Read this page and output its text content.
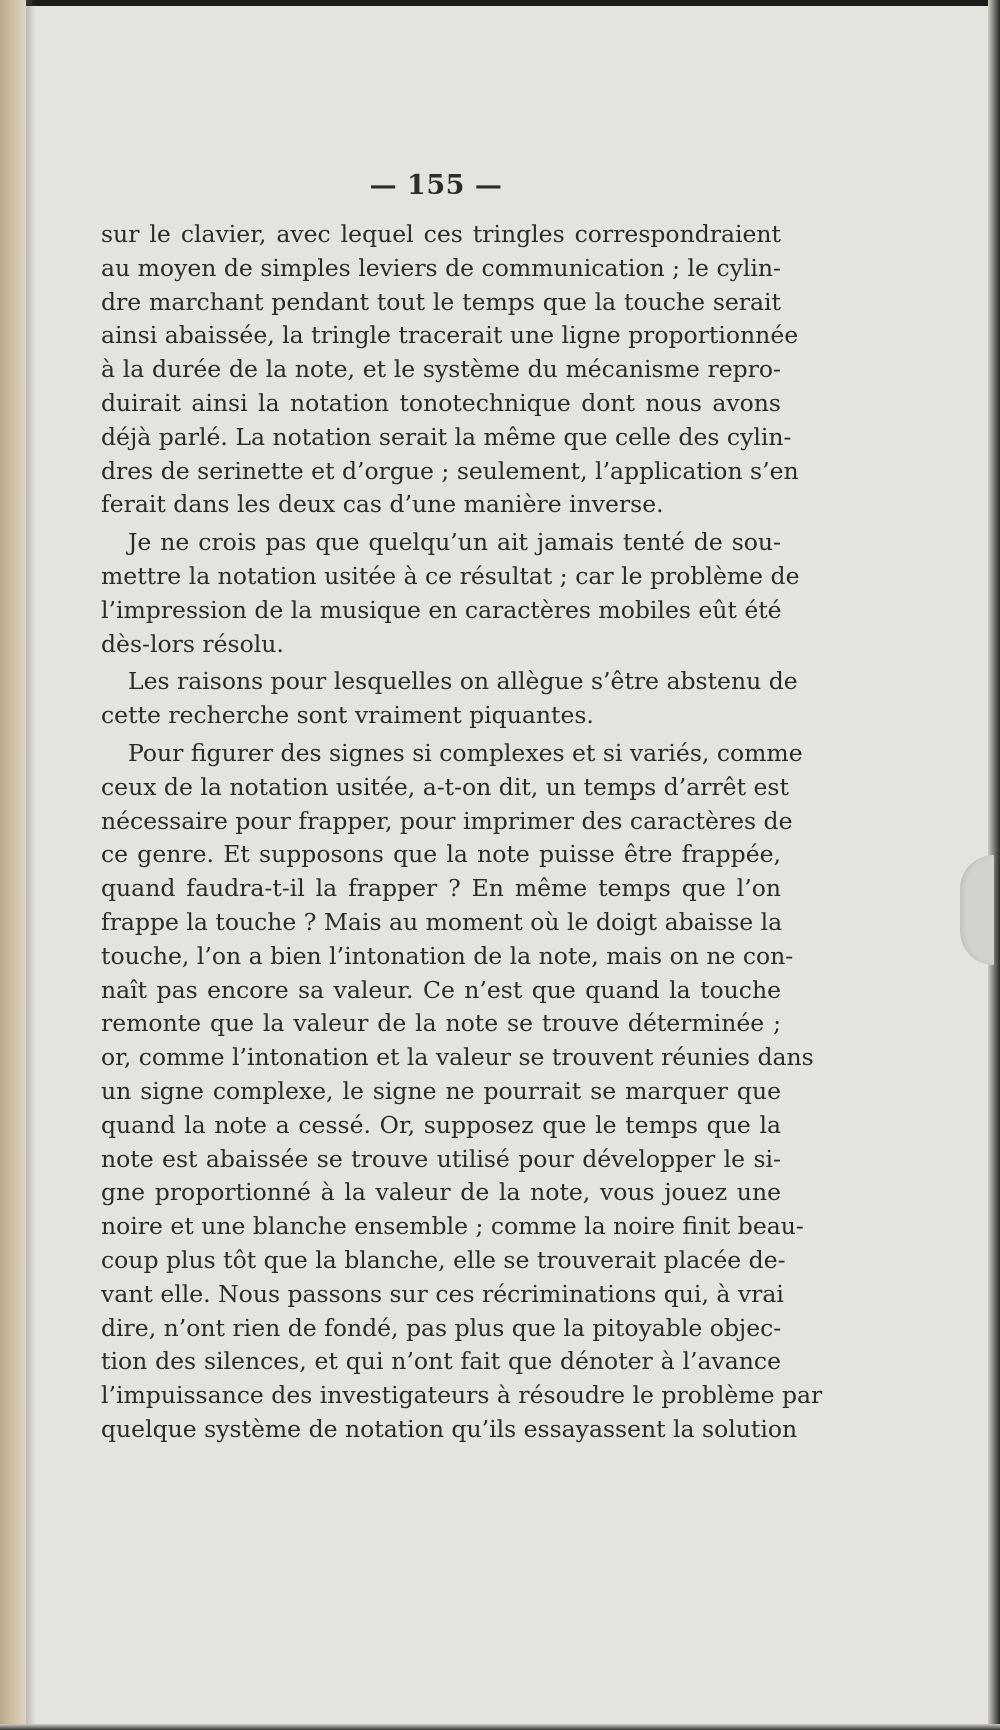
— 155 —
sur le clavier, avec lequel ces tringles correspondraient
au moyen de simples leviers de communication ; le cylin-
dre marchant pendant tout le temps que la touche serait
ainsi abaissée, la tringle tracerait une ligne proportionnée
à la durée de la note, et le système du mécanisme repro-
duirait ainsi la notation tonotechnique dont nous avons
déjà parlé. La notation serait la même que celle des cylin-
dres de serinette et d’orgue ; seulement, l’application s’en
ferait dans les deux cas d’une manière inverse.
Je ne crois pas que quelqu’un ait jamais tenté de sou-
mettre la notation usitée à ce résultat ; car le problème de
l’impression de la musique en caractères mobiles eût été
dès-lors résolu.
Les raisons pour lesquelles on allègue s’être abstenu de
cette recherche sont vraiment piquantes.
Pour figurer des signes si complexes et si variés, comme
ceux de la notation usitée, a-t-on dit, un temps d’arrêt est
nécessaire pour frapper, pour imprimer des caractères de
ce genre. Et supposons que la note puisse être frappée,
quand faudra-t-il la frapper ? En même temps que l’on
frappe la touche ? Mais au moment où le doigt abaisse la
touche, l’on a bien l’intonation de la note, mais on ne con-
naît pas encore sa valeur. Ce n’est que quand la touche
remonte que la valeur de la note se trouve déterminée ;
or, comme l’intonation et la valeur se trouvent réunies dans
un signe complexe, le signe ne pourrait se marquer que
quand la note a cessé. Or, supposez que le temps que la
note est abaissée se trouve utilisé pour développer le si-
gne proportionné à la valeur de la note, vous jouez une
noire et une blanche ensemble ; comme la noire finit beau-
coup plus tôt que la blanche, elle se trouverait placée de-
vant elle. Nous passons sur ces récriminations qui, à vrai
dire, n’ont rien de fondé, pas plus que la pitoyable objec-
tion des silences, et qui n’ont fait que dénoter à l’avance
l’impuissance des investigateurs à résoudre le problème par
quelque système de notation qu’ils essayassent la solution
